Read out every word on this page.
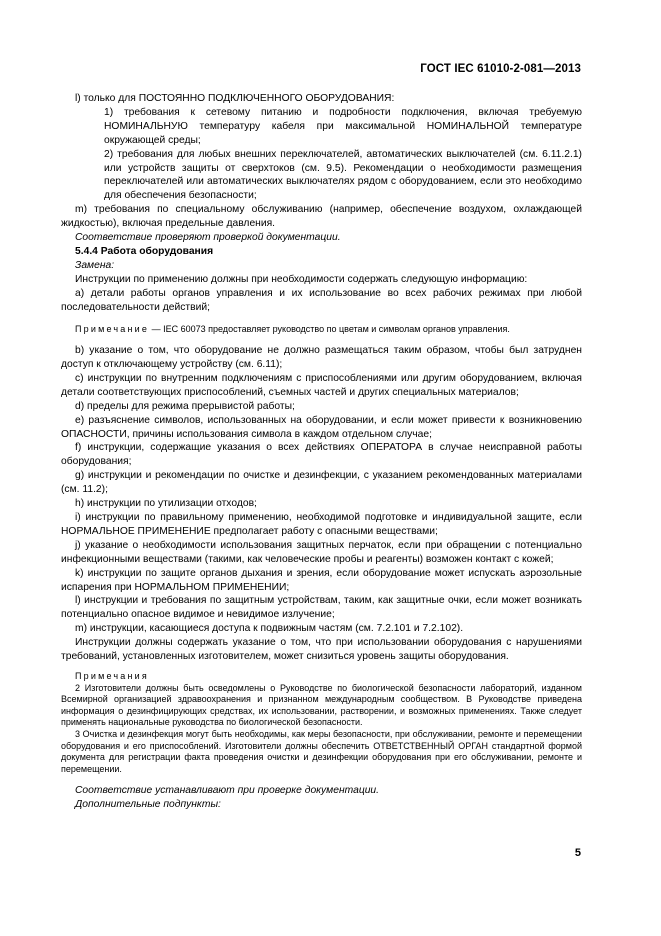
ГОСТ IEC 61010-2-081—2013

l) только для ПОСТОЯННО ПОДКЛЮЧЕННОГО ОБОРУДОВАНИЯ:

1) требования к сетевому питанию и подробности подключения, включая требуемую НОМИНАЛЬНУЮ температуру кабеля при максимальной НОМИНАЛЬНОЙ температуре окружающей среды;

2) требования для любых внешних переключателей, автоматических выключателей (см. 6.11.2.1) или устройств защиты от сверхтоков (см. 9.5). Рекомендации о необходимости размещения переключателей или автоматических выключателях рядом с оборудованием, если это необходимо для обеспечения безопасности;

m) требования по специальному обслуживанию (например, обеспечение воздухом, охлаждающей жидкостью), включая предельные давления.

Соответствие проверяют проверкой документации.

5.4.4 Работа оборудования

Замена:

Инструкции по применению должны при необходимости содержать следующую информацию:

a) детали работы органов управления и их использование во всех рабочих режимах при любой последовательности действий;

Примечание — IEC 60073 предоставляет руководство по цветам и символам органов управления.

b) указание о том, что оборудование не должно размещаться таким образом, чтобы был затруднен доступ к отключающему устройству (см. 6.11);

c) инструкции по внутренним подключениям с приспособлениями или другим оборудованием, включая детали соответствующих приспособлений, съемных частей и других специальных материалов;

d) пределы для режима прерывистой работы;

e) разъяснение символов, использованных на оборудовании, и если может привести к возникновению ОПАСНОСТИ, причины использования символа в каждом отдельном случае;

f) инструкции, содержащие указания о всех действиях ОПЕРАТОРА в случае неисправной работы оборудования;

g) инструкции и рекомендации по очистке и дезинфекции, с указанием рекомендованных материалами (см. 11.2);

h) инструкции по утилизации отходов;

i) инструкции по правильному применению, необходимой подготовке и индивидуальной защите, если НОРМАЛЬНОЕ ПРИМЕНЕНИЕ предполагает работу с опасными веществами;

j) указание о необходимости использования защитных перчаток, если при обращении с потенциально инфекционными веществами (такими, как человеческие пробы и реагенты) возможен контакт с кожей;

k) инструкции по защите органов дыхания и зрения, если оборудование может испускать аэрозольные испарения при НОРМАЛЬНОМ ПРИМЕНЕНИИ;

l) инструкции и требования по защитным устройствам, таким, как защитные очки, если может возникать потенциально опасное видимое и невидимое излучение;

m) инструкции, касающиеся доступа к подвижным частям (см. 7.2.101 и 7.2.102).

Инструкции должны содержать указание о том, что при использовании оборудования с нарушениями требований, установленных изготовителем, может снизиться уровень защиты оборудования.

Примечания

2 Изготовители должны быть осведомлены о Руководстве по биологической безопасности лабораторий, изданном Всемирной организацией здравоохранения и признанном международным сообществом. В Руководстве приведена информация о дезинфицирующих средствах, их использовании, растворении, и возможных применениях. Также следует применять национальные руководства по биологической безопасности.

3 Очистка и дезинфекция могут быть необходимы, как меры безопасности, при обслуживании, ремонте и перемещении оборудования и его приспособлений. Изготовители должны обеспечить ОТВЕТСТВЕННЫЙ ОРГАН стандартной формой документа для регистрации факта проведения очистки и дезинфекции оборудования при его обслуживании, ремонте и перемещении.

Соответствие устанавливают при проверке документации.

Дополнительные подпункты:

5
